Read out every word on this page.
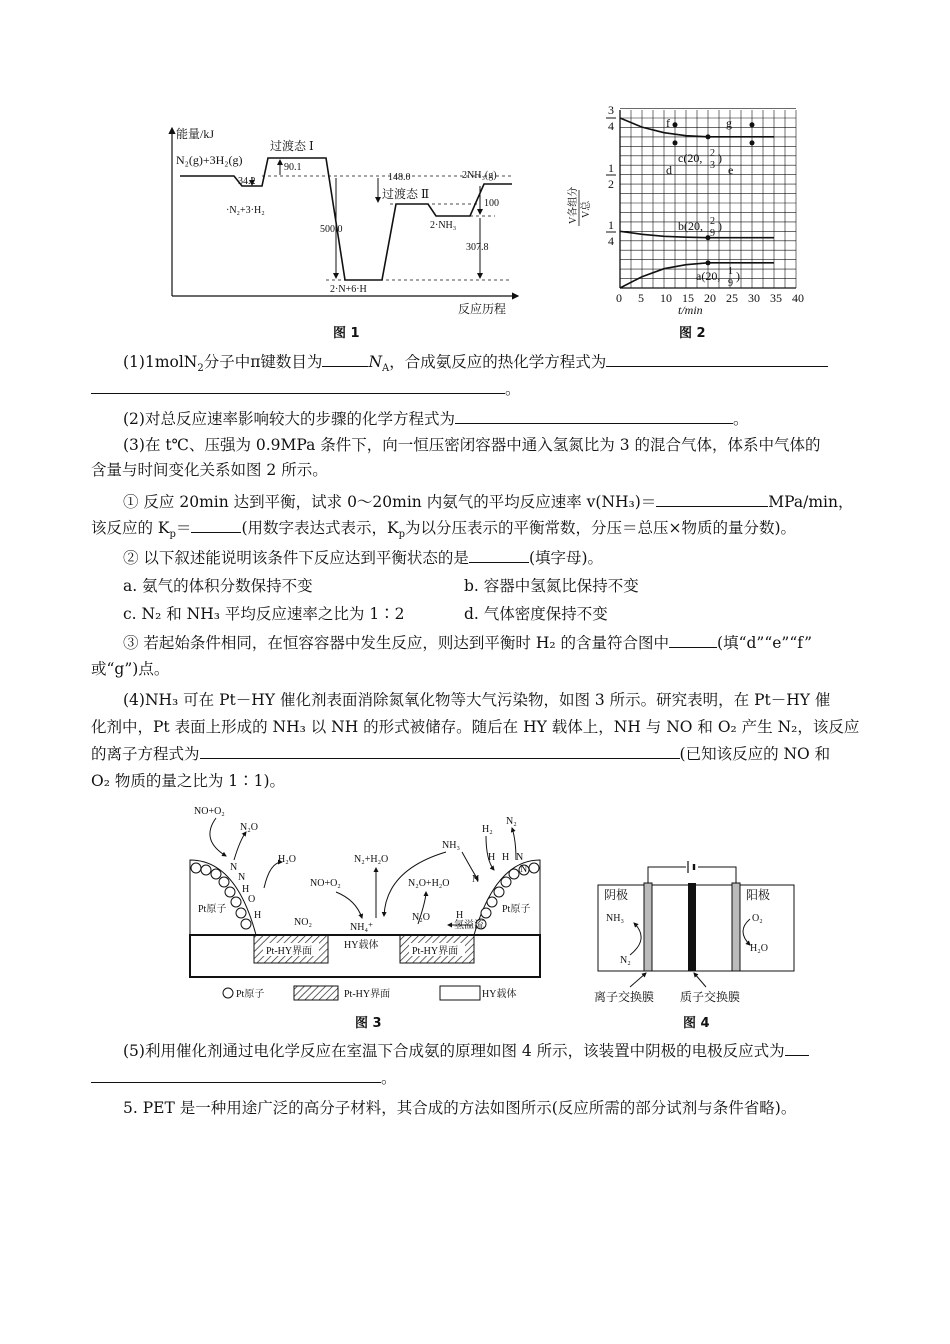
能量/kJ
反应历程
N₂(g)+3H₂(g)
过渡态 Ⅰ
34.2
90.1
·N₂+3·H₂
500.0
148.0
过渡态 Ⅱ
2NH₃(g)
100
2·NH₃
307.8
2·N+6·H
图 1
3
4
1
2
1
4
V各组分 V总
0 5 10 15 20 25 30 35 40
t/min
f	g
d	e
c(20, 2
3
)
b(20, 2
9
)
a(20, 1
9
)
图 2
(1)1molN$_2$分子中π键数目为	$N_A$，合成氨反应的热化学方程式为
。
(2)对总反应速率影响较大的步骤的化学方程式为	。
(3)在 t℃、压强为 0.9MPa 条件下，向一恒压密闭容器中通入氢氮比为 3 的混合气体，体系中气体的
含量与时间变化关系如图 2 所示。
① 反应 20min 达到平衡，试求 0～20min 内氨气的平均反应速率 v(NH₃)＝	MPa/min，
该反应的 $K_p=$	(用数字表达式表示，$K_p$为以分压表示的平衡常数，分压＝总压×物质的量分数)。
② 以下叙述能说明该条件下反应达到平衡状态的是	(填字母)。
a. 氨气的体积分数保持不变	b. 容器中氢氮比保持不变
c. N₂ 和 NH₃ 平均反应速率之比为 1∶2	d. 气体密度保持不变
③ 若起始条件相同，在恒容容器中发生反应，则达到平衡时 H₂ 的含量符合图中	(填“d”“e”“f”
或“g”)点。
(4)NH₃ 可在 Pt－HY 催化剂表面消除氮氧化物等大气污染物，如图 3 所示。研究表明，在 Pt－HY 催
化剂中，Pt 表面上形成的 NH₃ 以 NH 的形式被储存。随后在 HY 载体上，NH 与 NO 和 O₂ 产生 N₂，该反应
的离子方程式为	(已知该反应的 NO 和
O₂ 物质的量之比为 1∶1)。
Pt-HY界面	Pt-HY界面
HY载体
Pt原子	Pt原子
NO+O₂
N₂O
H₂O	N₂+H₂O
NH₃
H₂
N₂
NO+O₂	N₂O+H₂O
NO₂	NH₄⁺
N₂O
氢溢流
N
N
H
O
H
N
H H N
N
H
Pt原子	Pt-HY界面	HY载体
图 3
阴极	阳极
NH₃
N₂
O₂
H₂O
离子交换膜 质子交换膜
图 4
(5)利用催化剂通过电化学反应在室温下合成氨的原理如图 4 所示，该装置中阴极的电极反应式为
。
5. PET 是一种用途广泛的高分子材料，其合成的方法如图所示(反应所需的部分试剂与条件省略)。
